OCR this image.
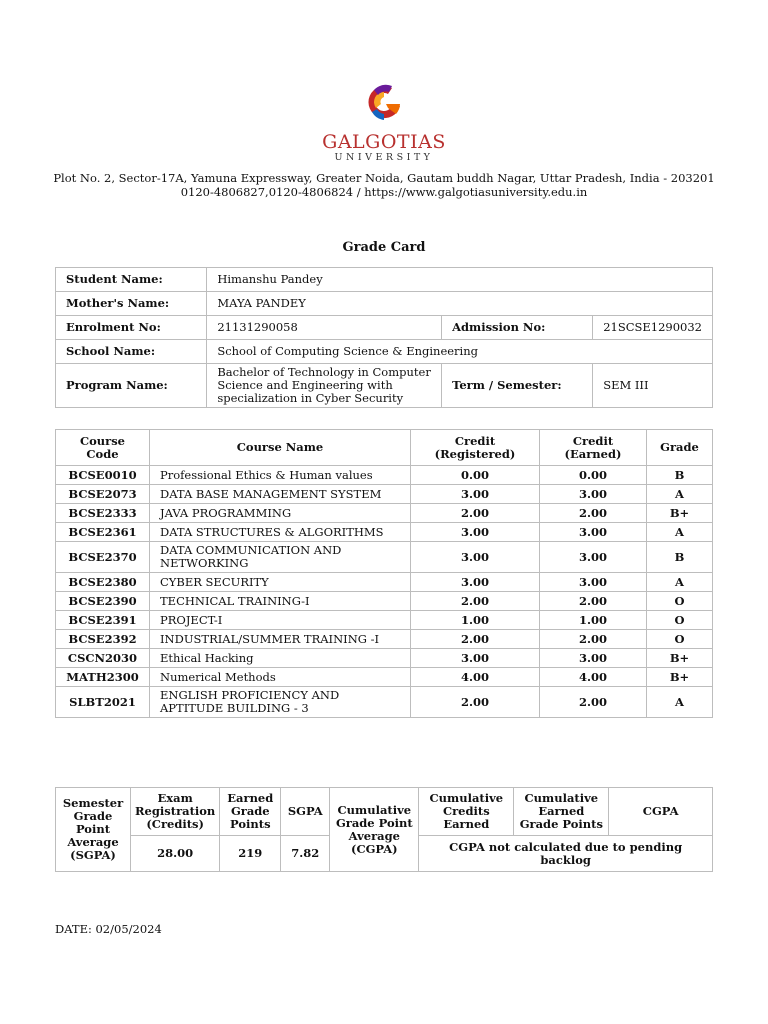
GALGOTIAS
UNIVERSITY
Plot No. 2, Sector-17A, Yamuna Expressway, Greater Noida, Gautam buddh Nagar, Uttar Pradesh, India - 203201
0120-4806827,0120-4806824 / https://www.galgotiasuniversity.edu.in
Grade Card
Student Name:	Himanshu Pandey		
Mother's Name:	MAYA PANDEY		
Enrolment No:	21131290058	Admission No:	21SCSE1290032
School Name:	School of Computing Science & Engineering		
Program Name:	Bachelor of Technology in Computer Science and Engineering with specialization in Cyber Security	Term / Semester:	SEM III
Course Code	Course Name	Credit (Registered)	Credit (Earned)	Grade
BCSE0010	Professional Ethics & Human values	0.00	0.00	B
BCSE2073	DATA BASE MANAGEMENT SYSTEM	3.00	3.00	A
BCSE2333	JAVA PROGRAMMING	2.00	2.00	B+
BCSE2361	DATA STRUCTURES & ALGORITHMS	3.00	3.00	A
BCSE2370	DATA COMMUNICATION AND NETWORKING	3.00	3.00	B
BCSE2380	CYBER SECURITY	3.00	3.00	A
BCSE2390	TECHNICAL TRAINING-I	2.00	2.00	O
BCSE2391	PROJECT-I	1.00	1.00	O
BCSE2392	INDUSTRIAL/SUMMER TRAINING -I	2.00	2.00	O
CSCN2030	Ethical Hacking	3.00	3.00	B+
MATH2300	Numerical Methods	4.00	4.00	B+
SLBT2021	ENGLISH PROFICIENCY AND APTITUDE BUILDING - 3	2.00	2.00	A
Semester Grade Point Average (SGPA)	Exam Registration (Credits)	Earned Grade Points	SGPA	Cumulative Grade Point Average (CGPA)	Cumulative Credits Earned	Cumulative Earned Grade Points	CGPA
	28.00	219	7.82		CGPA not calculated due to pending backlog		
DATE: 02/05/2024
